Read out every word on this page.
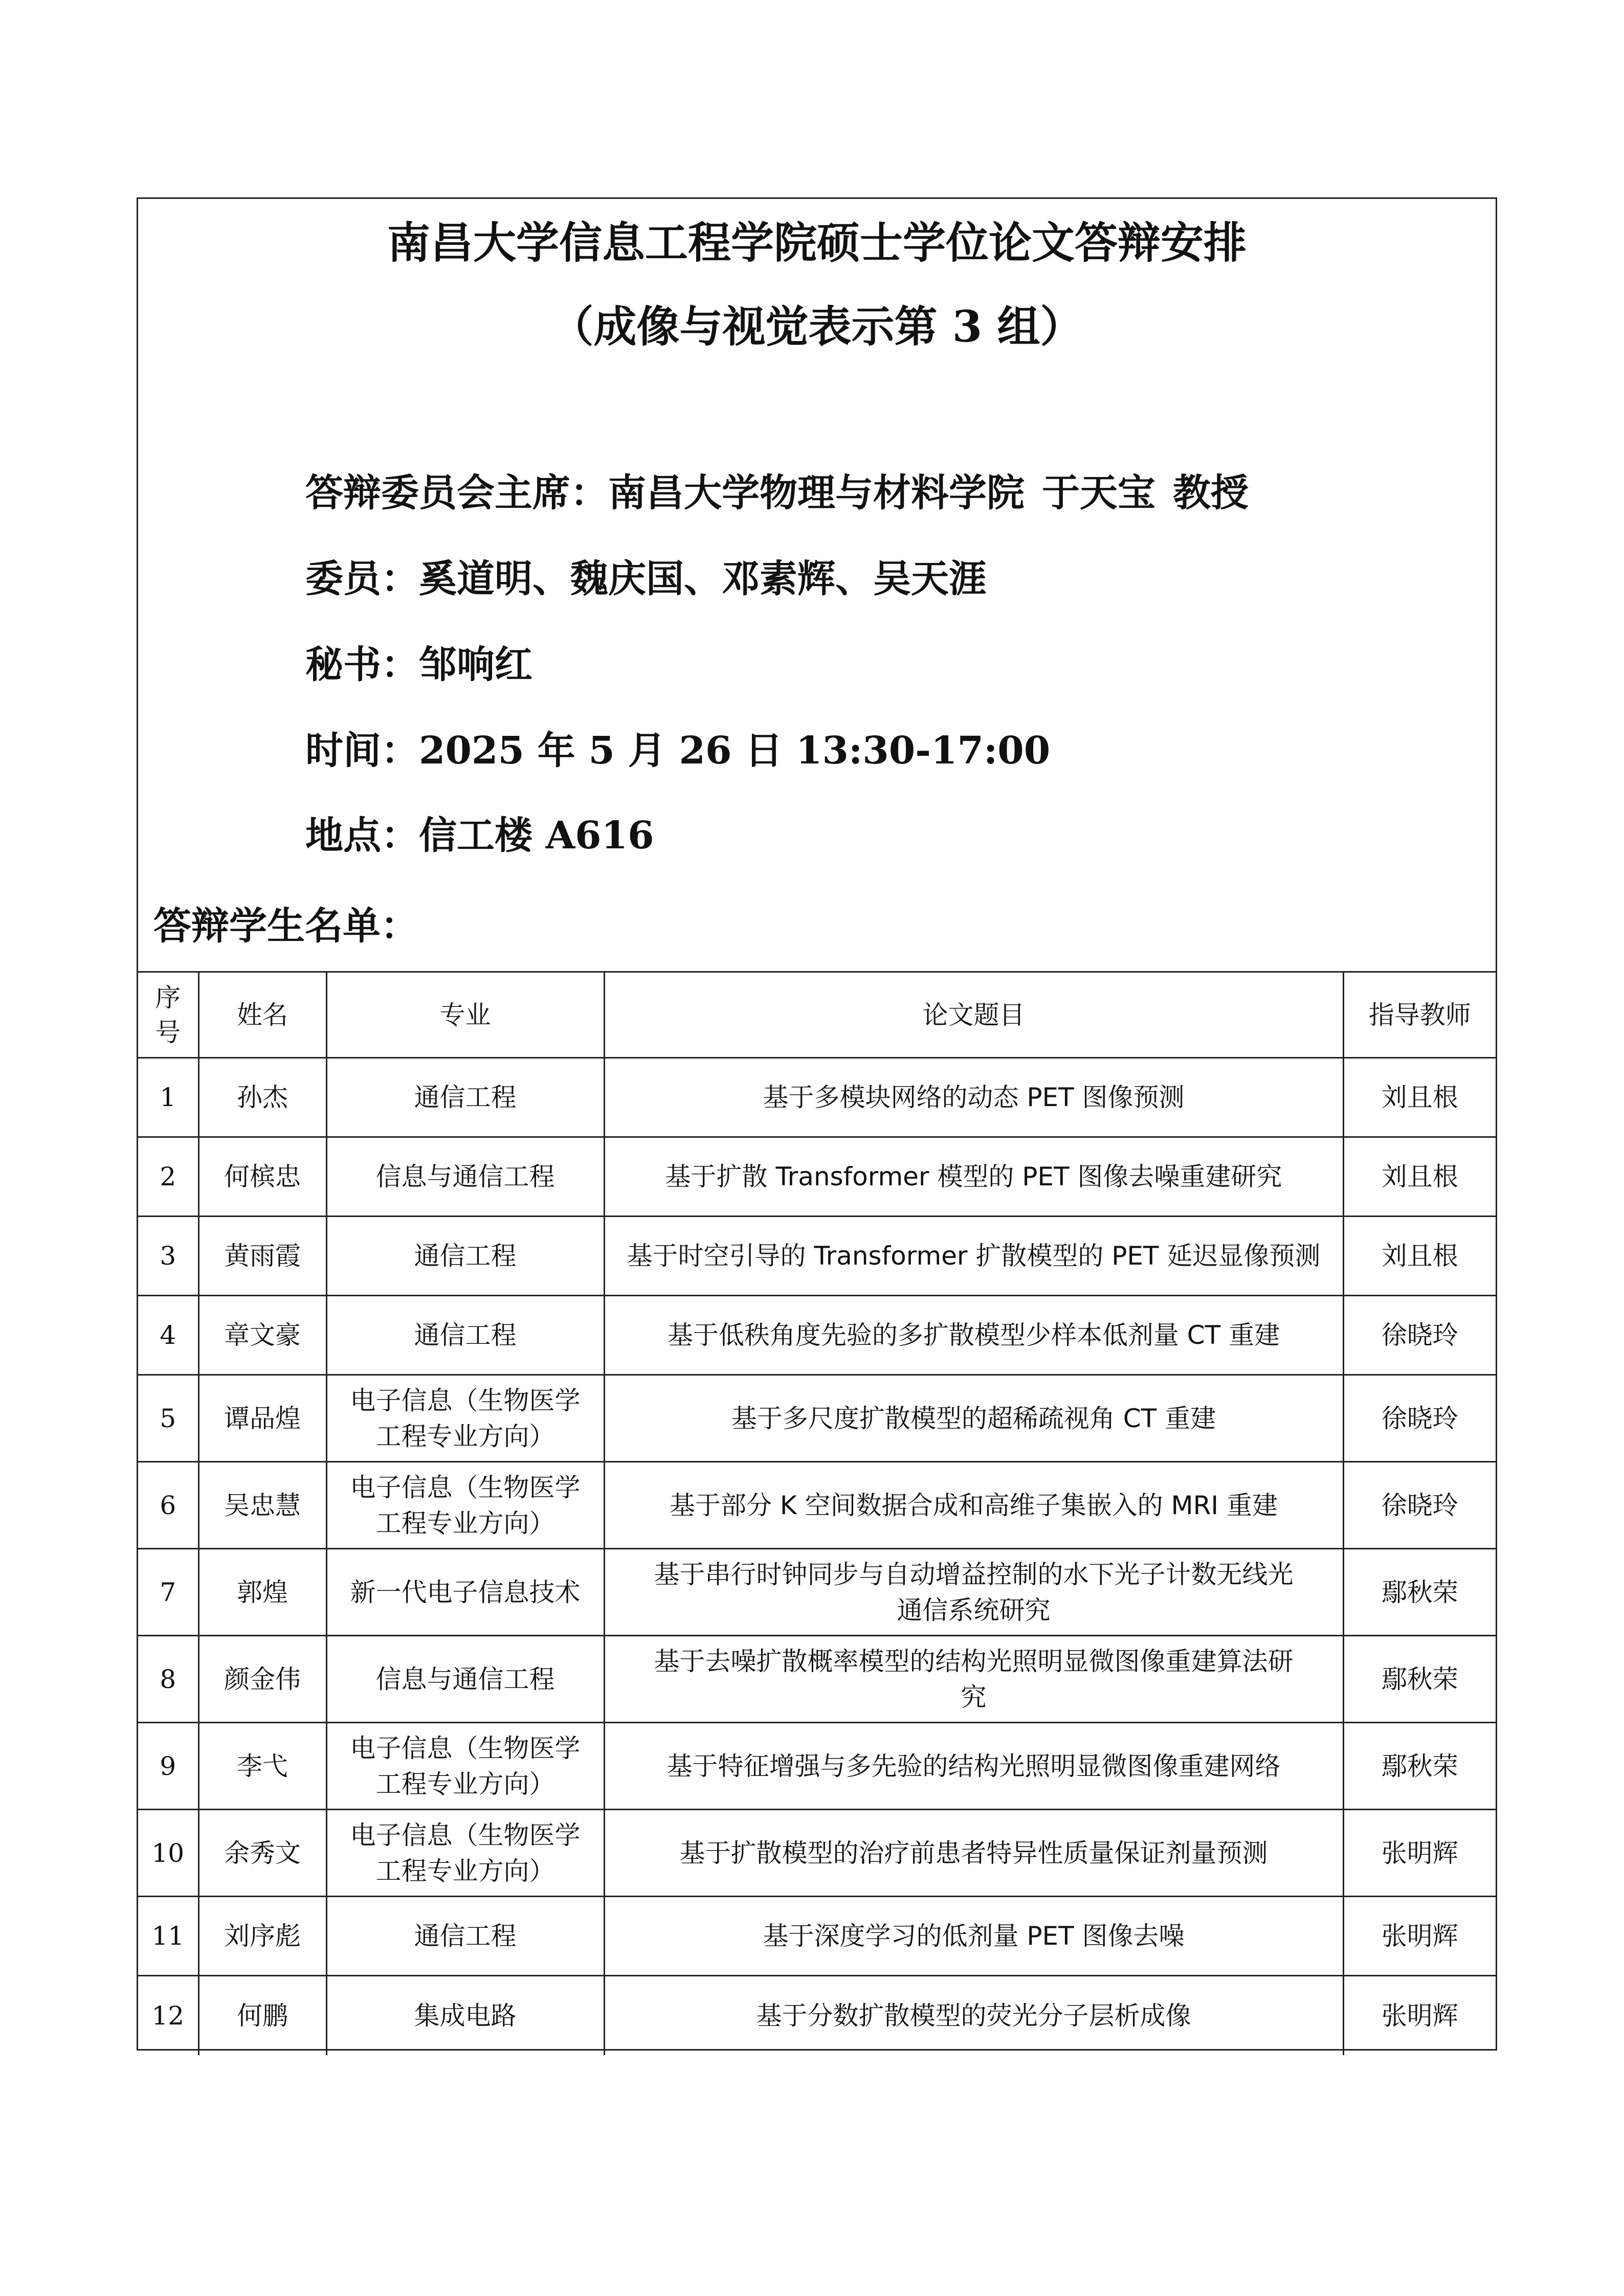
南昌大学信息工程学院硕士学位论文答辩安排
（成像与视觉表示第 3 组）
答辩委员会主席：南昌大学物理与材料学院 于天宝 教授
委员：奚道明、魏庆国、邓素辉、吴天涯
秘书：邹响红
时间：2025 年 5 月 26 日 13:30-17:00
地点：信工楼 A616
答辩学生名单：
序
号	姓名	专业	论文题目	指导教师
1	孙杰	通信工程	基于多模块网络的动态 PET 图像预测	刘且根
2	何槟忠	信息与通信工程	基于扩散 Transformer 模型的 PET 图像去噪重建研究	刘且根
3	黄雨霞	通信工程	基于时空引导的 Transformer 扩散模型的 PET 延迟显像预测	刘且根
4	章文豪	通信工程	基于低秩角度先验的多扩散模型少样本低剂量 CT 重建	徐晓玲
5	谭品煌	电子信息（生物医学
工程专业方向）	基于多尺度扩散模型的超稀疏视角 CT 重建	徐晓玲
6	吴忠慧	电子信息（生物医学
工程专业方向）	基于部分 K 空间数据合成和高维子集嵌入的 MRI 重建	徐晓玲
7	郭煌	新一代电子信息技术	基于串行时钟同步与自动增益控制的水下光子计数无线光
通信系统研究	鄢秋荣
8	颜金伟	信息与通信工程	基于去噪扩散概率模型的结构光照明显微图像重建算法研
究	鄢秋荣
9	李弋	电子信息（生物医学
工程专业方向）	基于特征增强与多先验的结构光照明显微图像重建网络	鄢秋荣
10	余秀文	电子信息（生物医学
工程专业方向）	基于扩散模型的治疗前患者特异性质量保证剂量预测	张明辉
11	刘序彪	通信工程	基于深度学习的低剂量 PET 图像去噪	张明辉
12	何鹏	集成电路	基于分数扩散模型的荧光分子层析成像	张明辉
